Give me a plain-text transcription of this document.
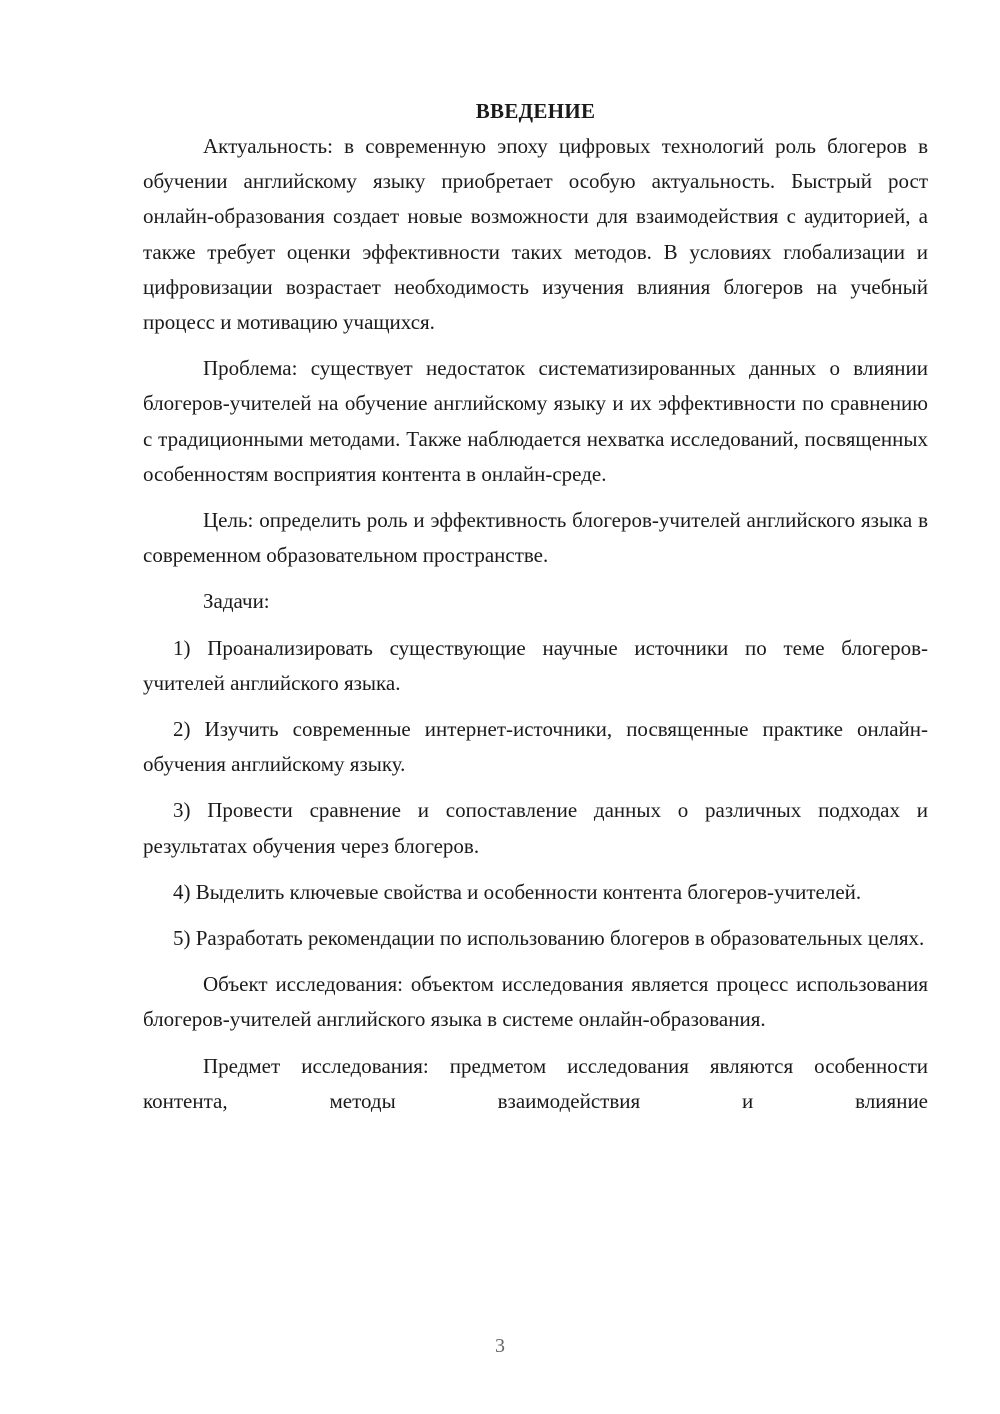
ВВЕДЕНИЕ

Актуальность: в современную эпоху цифровых технологий роль блогеров в обучении английскому языку приобретает особую актуальность. Быстрый рост онлайн-образования создает новые возможности для взаимодействия с аудиторией, а также требует оценки эффективности таких методов. В условиях глобализации и цифровизации возрастает необходимость изучения влияния блогеров на учебный процесс и мотивацию учащихся.

Проблема: существует недостаток систематизированных данных о влиянии блогеров-учителей на обучение английскому языку и их эффективности по сравнению с традиционными методами. Также наблюдается нехватка исследований, посвященных особенностям восприятия контента в онлайн-среде.

Цель: определить роль и эффективность блогеров-учителей английского языка в современном образовательном пространстве.

Задачи:

1) Проанализировать существующие научные источники по теме блогеров-учителей английского языка.

2) Изучить современные интернет-источники, посвященные практике онлайн-обучения английскому языку.

3) Провести сравнение и сопоставление данных о различных подходах и результатах обучения через блогеров.

4) Выделить ключевые свойства и особенности контента блогеров-учителей.

5) Разработать рекомендации по использованию блогеров в образовательных целях.

Объект исследования: объектом исследования является процесс использования блогеров-учителей английского языка в системе онлайн-образования.

Предмет исследования: предметом исследования являются особенности контента, методы взаимодействия и влияние

3
